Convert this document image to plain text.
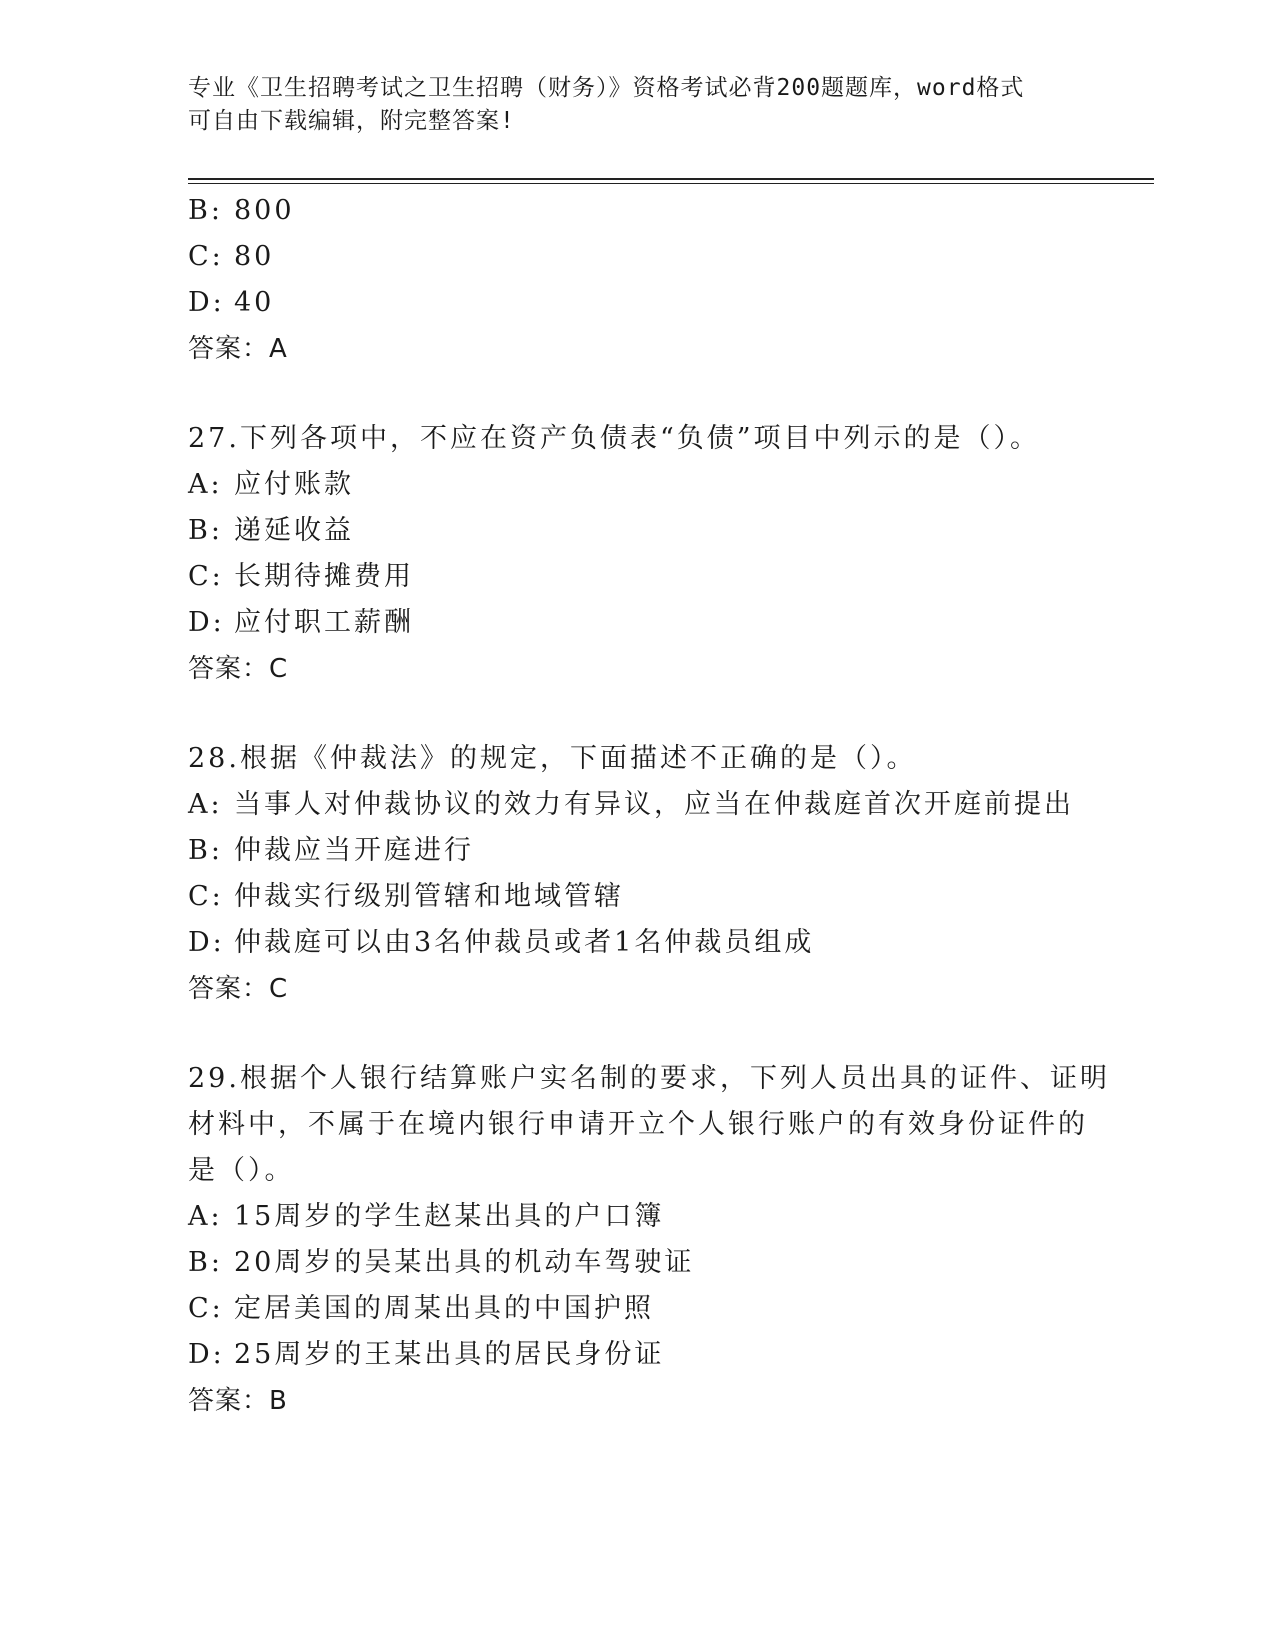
专业《卫生招聘考试之卫生招聘（财务）》资格考试必背200题题库，word格式
可自由下载编辑，附完整答案!
B: 800
C: 80
D: 40
答案：A
27.下列各项中，不应在资产负债表“负债”项目中列示的是（）。
A: 应付账款
B: 递延收益
C: 长期待摊费用
D: 应付职工薪酬
答案：C
28.根据《仲裁法》的规定，下面描述不正确的是（）。
A: 当事人对仲裁协议的效力有异议，应当在仲裁庭首次开庭前提出
B: 仲裁应当开庭进行
C: 仲裁实行级别管辖和地域管辖
D: 仲裁庭可以由3名仲裁员或者1名仲裁员组成
答案：C
29.根据个人银行结算账户实名制的要求，下列人员出具的证件、证明
材料中，不属于在境内银行申请开立个人银行账户的有效身份证件的
是（）。
A: 15周岁的学生赵某出具的户口簿
B: 20周岁的吴某出具的机动车驾驶证
C: 定居美国的周某出具的中国护照
D: 25周岁的王某出具的居民身份证
答案：B
